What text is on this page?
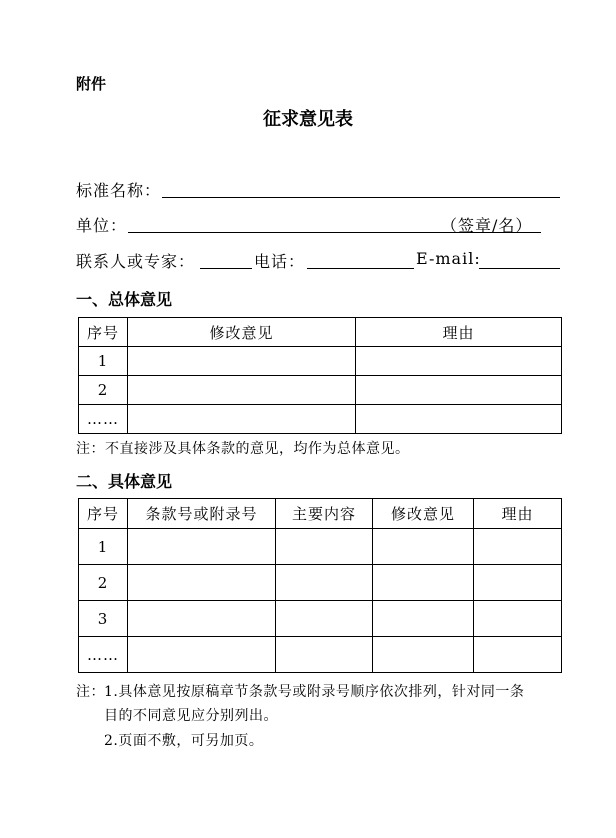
附件
征求意见表
标准名称：
单位：	（签章/名）
联系人或专家：	电话：	E-mail:
一、总体意见
序号	修改意见	理由
1		
2		
……		
注：不直接涉及具体条款的意见，均作为总体意见。
二、具体意见
序号	条款号或附录号	主要内容	修改意见	理由
1				
2				
3				
……				
注： 1.具体意见按原稿章节条款号或附录号顺序依次排列，针对同一条
目的不同意见应分别列出。
2.页面不敷，可另加页。
